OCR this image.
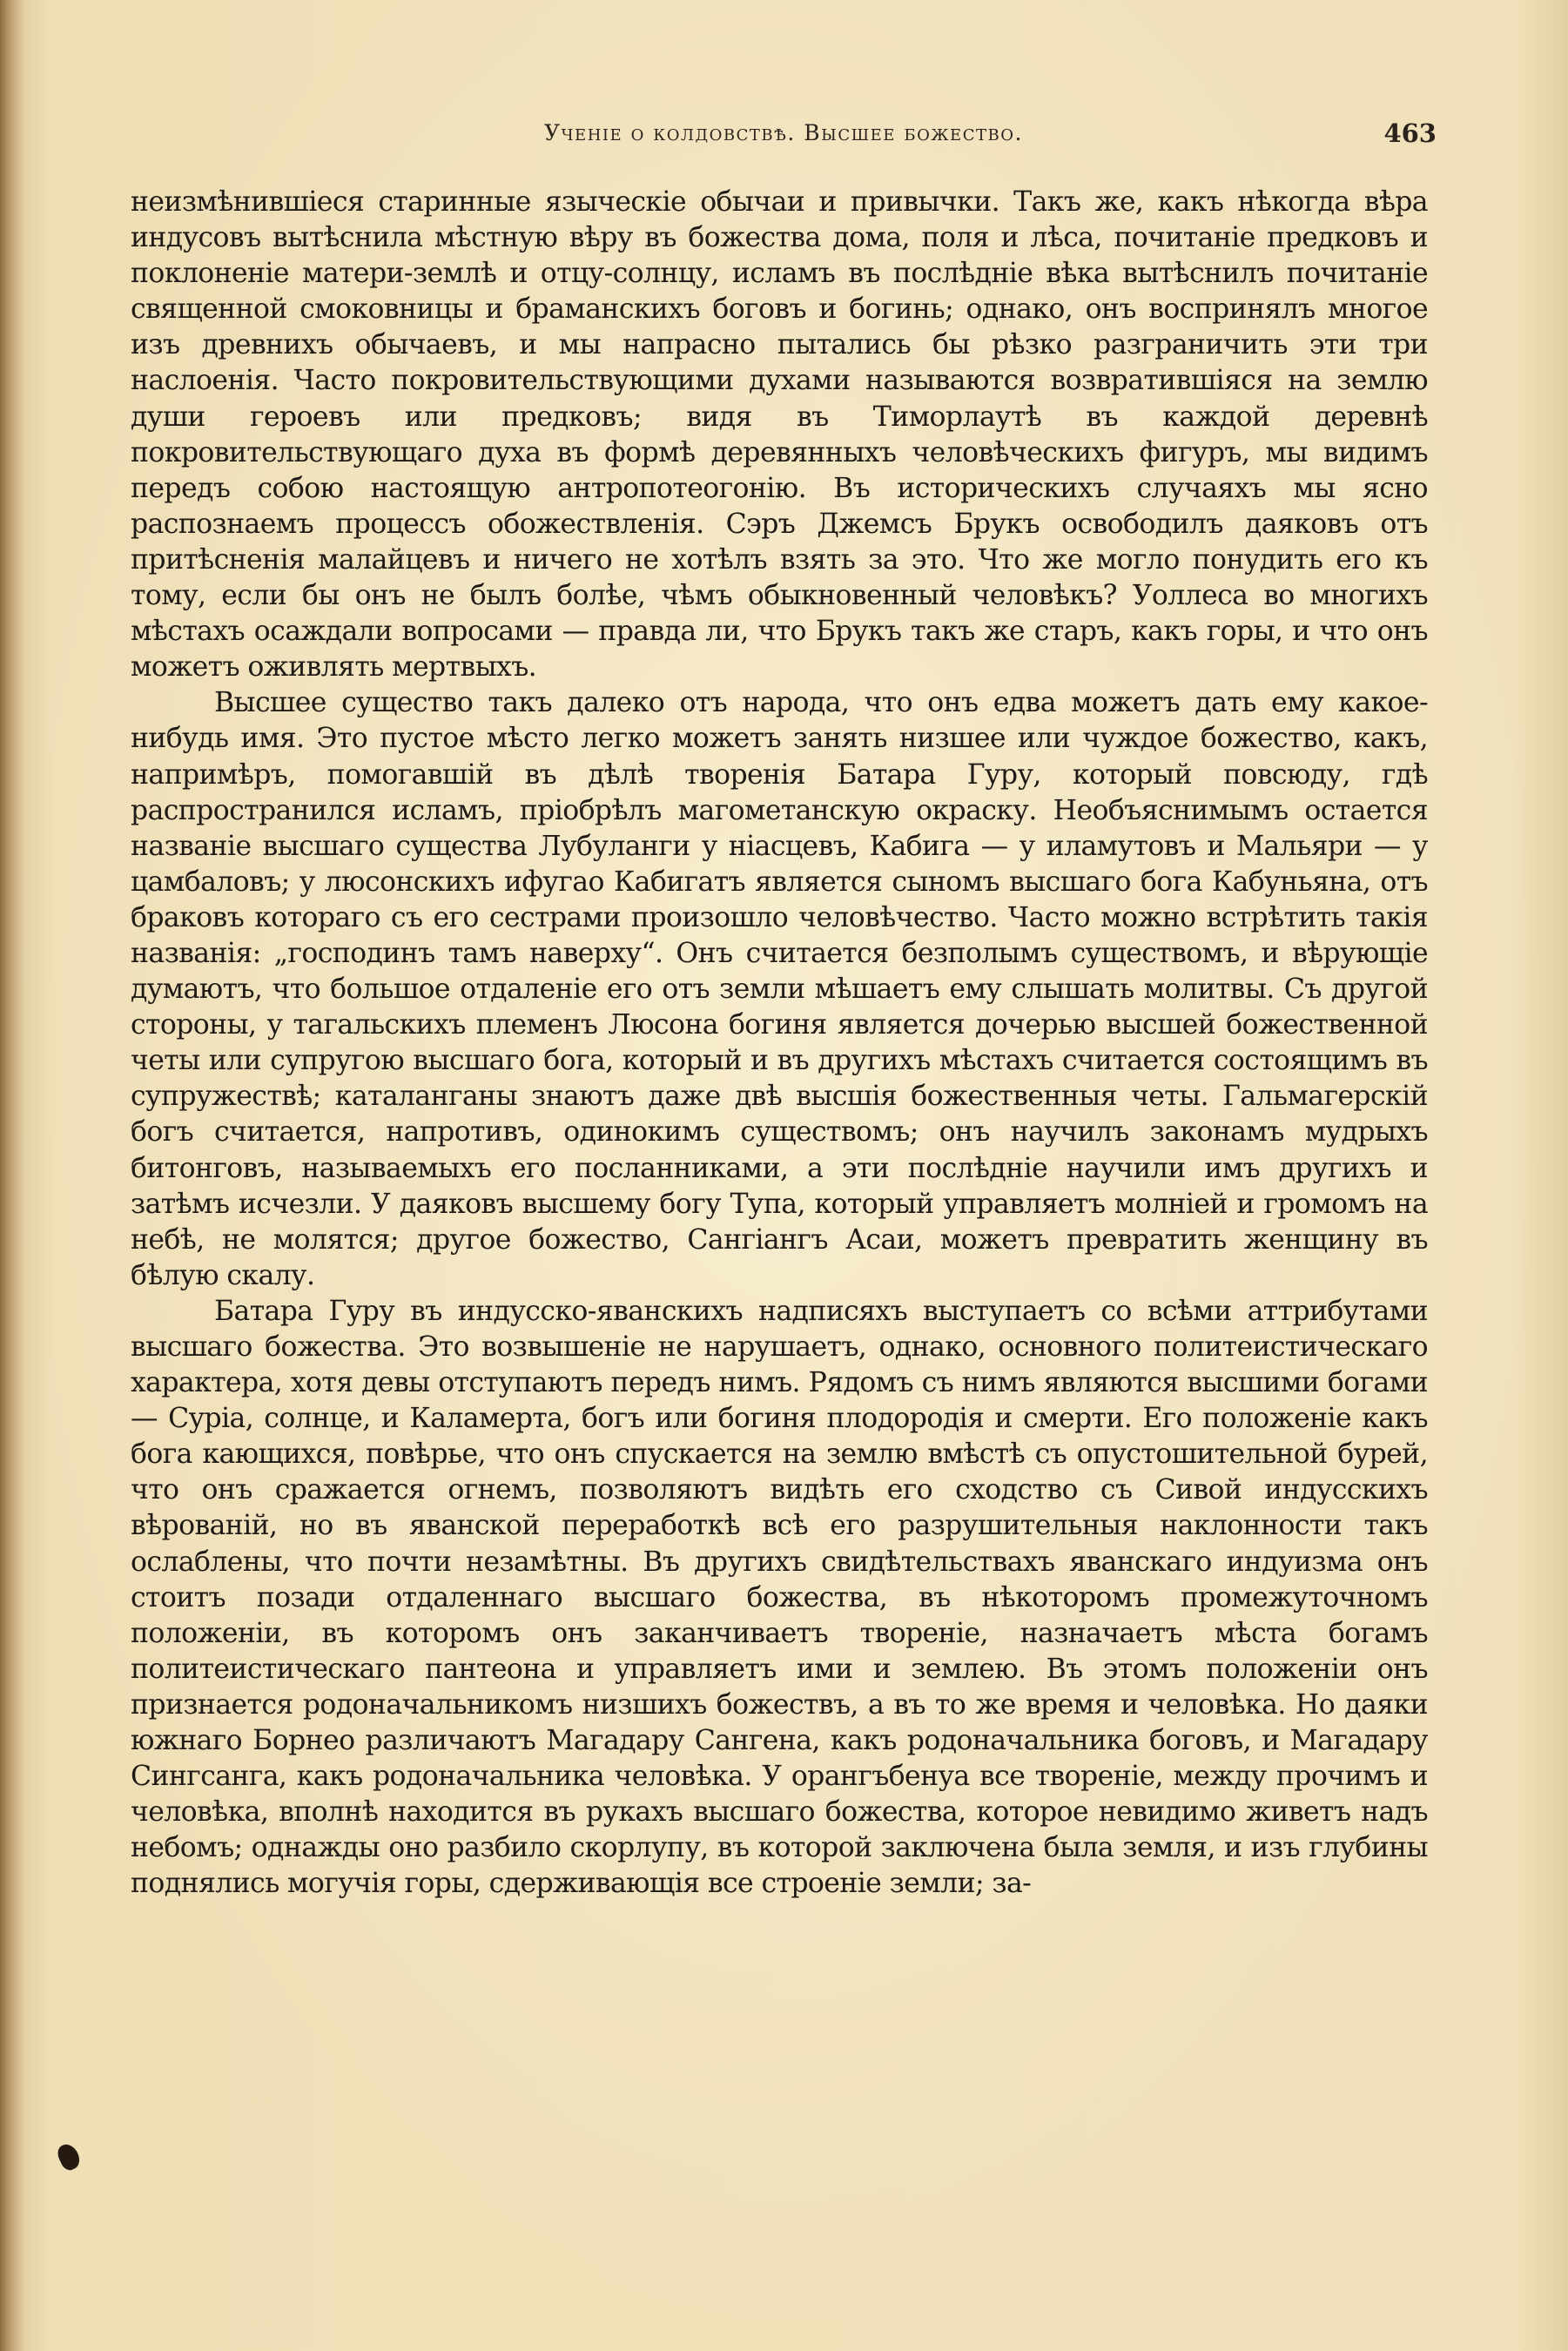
Ученіе о колдовствѣ. Высшее божество.	463

неизмѣнившіеся старинные языческіе обычаи и привычки. Такъ же, какъ нѣкогда вѣра индусовъ вытѣснила мѣстную вѣру въ божества дома, поля и лѣса, почитаніе предковъ и поклоненіе матери-землѣ и отцу-солнцу, исламъ въ послѣдніе вѣка вытѣснилъ почитаніе священной смоковницы и браманскихъ боговъ и богинь; однако, онъ воспринялъ многое изъ древнихъ обычаевъ, и мы напрасно пытались бы рѣзко разграничить эти три наслоенія. Часто покровительствующими духами называются возвратившіяся на землю души героевъ или предковъ; видя въ Тиморлаутѣ въ каждой деревнѣ покровительствующаго духа въ формѣ деревянныхъ человѣческихъ фигуръ, мы видимъ передъ собою настоящую антропотеогонію. Въ историческихъ случаяхъ мы ясно распознаемъ процессъ обожествленія. Сэръ Джемсъ Брукъ освободилъ даяковъ отъ притѣсненія малайцевъ и ничего не хотѣлъ взять за это. Что же могло понудить его къ тому, если бы онъ не былъ болѣе, чѣмъ обыкновенный человѣкъ? Уоллеса во многихъ мѣстахъ осаждали вопросами — правда ли, что Брукъ такъ же старъ, какъ горы, и что онъ можетъ оживлять мертвыхъ.

Высшее существо такъ далеко отъ народа, что онъ едва можетъ дать ему какое-нибудь имя. Это пустое мѣсто легко можетъ занять низшее или чуждое божество, какъ, напримѣръ, помогавшій въ дѣлѣ творенія Батара Гуру, который повсюду, гдѣ распространился исламъ, пріобрѣлъ магометанскую окраску. Необъяснимымъ остается названіе высшаго существа Лубуланги у ніасцевъ, Кабига — у иламутовъ и Мальяри — у цамбаловъ; у люсонскихъ ифугао Кабигатъ является сыномъ высшаго бога Кабуньяна, отъ браковъ котораго съ его сестрами произошло человѣчество. Часто можно встрѣтить такія названія: „господинъ тамъ наверху“. Онъ считается безполымъ существомъ, и вѣрующіе думаютъ, что большое отдаленіе его отъ земли мѣшаетъ ему слышать молитвы. Съ другой стороны, у тагальскихъ племенъ Люсона богиня является дочерью высшей божественной четы или супругою высшаго бога, который и въ другихъ мѣстахъ считается состоящимъ въ супружествѣ; каталанганы знаютъ даже двѣ высшія божественныя четы. Гальмагерскій богъ считается, напротивъ, одинокимъ существомъ; онъ научилъ законамъ мудрыхъ битонговъ, называемыхъ его посланниками, а эти послѣдніе научили имъ другихъ и затѣмъ исчезли. У даяковъ высшему богу Тупа, который управляетъ молніей и громомъ на небѣ, не молятся; другое божество, Сангіангъ Асаи, можетъ превратить женщину въ бѣлую скалу.

Батара Гуру въ индусско-яванскихъ надписяхъ выступаетъ со всѣми аттрибутами высшаго божества. Это возвышеніе не нарушаетъ, однако, основного политеистическаго характера, хотя девы отступаютъ передъ нимъ. Рядомъ съ нимъ являются высшими богами — Суріа, солнце, и Каламерта, богъ или богиня плодородія и смерти. Его положеніе какъ бога кающихся, повѣрье, что онъ спускается на землю вмѣстѣ съ опустошительной бурей, что онъ сражается огнемъ, позволяютъ видѣть его сходство съ Сивой индусскихъ вѣрованій, но въ яванской переработкѣ всѣ его разрушительныя наклонности такъ ослаблены, что почти незамѣтны. Въ другихъ свидѣтельствахъ яванскаго индуизма онъ стоитъ позади отдаленнаго высшаго божества, въ нѣкоторомъ промежуточномъ положеніи, въ которомъ онъ заканчиваетъ твореніе, назначаетъ мѣста богамъ политеистическаго пантеона и управляетъ ими и землею. Въ этомъ положеніи онъ признается родоначальникомъ низшихъ божествъ, а въ то же время и человѣка. Но даяки южнаго Борнео различаютъ Магадару Сангена, какъ родоначальника боговъ, и Магадару Сингсанга, какъ родоначальника человѣка. У орангъбенуа все твореніе, между прочимъ и человѣка, вполнѣ находится въ рукахъ высшаго божества, которое невидимо живетъ надъ небомъ; однажды оно разбило скорлупу, въ которой заключена была земля, и изъ глубины поднялись могучія горы, сдерживающія все строеніе земли; за-
